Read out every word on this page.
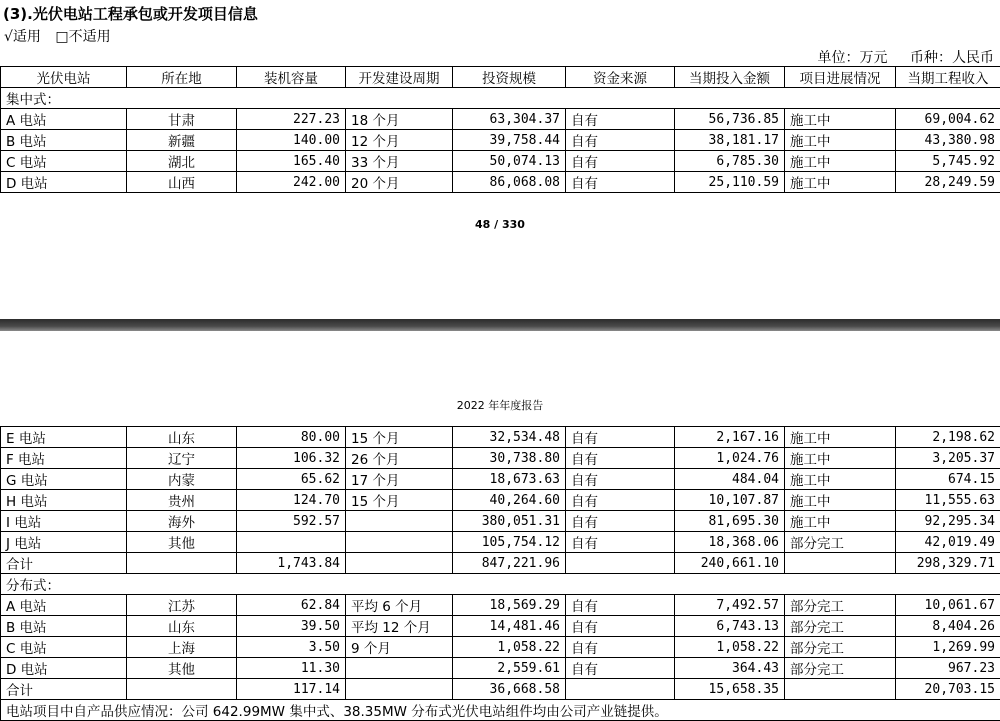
(3).光伏电站工程承包或开发项目信息
√适用 □不适用
单位：万元 币种：人民币
光伏电站	所在地	装机容量	开发建设周期	投资规模	资金来源	当期投入金额	项目进展情况	当期工程收入
集中式：								
A 电站	甘肃	227.23	18 个月	63,304.37	自有	56,736.85	施工中	69,004.62
B 电站	新疆	140.00	12 个月	39,758.44	自有	38,181.17	施工中	43,380.98
C 电站	湖北	165.40	33 个月	50,074.13	自有	6,785.30	施工中	5,745.92
D 电站	山西	242.00	20 个月	86,068.08	自有	25,110.59	施工中	28,249.59
48 / 330
2022 年年度报告
E 电站	山东	80.00	15 个月	32,534.48	自有	2,167.16	施工中	2,198.62
F 电站	辽宁	106.32	26 个月	30,738.80	自有	1,024.76	施工中	3,205.37
G 电站	内蒙	65.62	17 个月	18,673.63	自有	484.04	施工中	674.15
H 电站	贵州	124.70	15 个月	40,264.60	自有	10,107.87	施工中	11,555.63
I 电站	海外	592.57		380,051.31	自有	81,695.30	施工中	92,295.34
J 电站	其他			105,754.12	自有	18,368.06	部分完工	42,019.49
合计		1,743.84		847,221.96		240,661.10		298,329.71
分布式：								
A 电站	江苏	62.84	平均 6 个月	18,569.29	自有	7,492.57	部分完工	10,061.67
B 电站	山东	39.50	平均 12 个月	14,481.46	自有	6,743.13	部分完工	8,404.26
C 电站	上海	3.50	9 个月	1,058.22	自有	1,058.22	部分完工	1,269.99
D 电站	其他	11.30		2,559.61	自有	364.43	部分完工	967.23
合计		117.14		36,668.58		15,658.35		20,703.15
电站项目中自产品供应情况：公司 642.99MW 集中式、38.35MW 分布式光伏电站组件均由公司产业链提供。								
